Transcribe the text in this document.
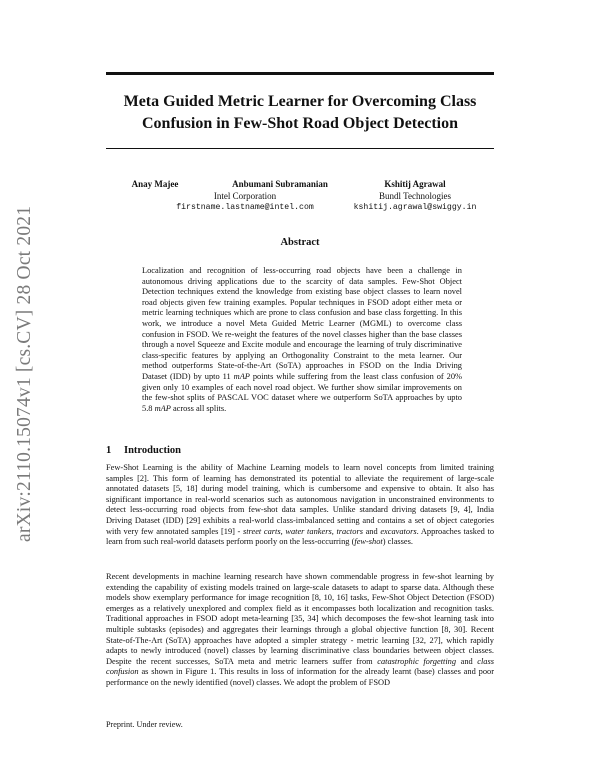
arXiv:2110.15074v1 [cs.CV] 28 Oct 2021
Meta Guided Metric Learner for Overcoming Class Confusion in Few-Shot Road Object Detection
Anay Majee	Anbumani Subramanian
Intel Corporation
firstname.lastname@intel.com
Kshitij Agrawal
Bundl Technologies
kshitij.agrawal@swiggy.in
Abstract

Localization and recognition of less-occurring road objects have been a challenge in autonomous driving applications due to the scarcity of data samples. Few-Shot Object Detection techniques extend the knowledge from existing base object classes to learn novel road objects given few training examples. Popular techniques in FSOD adopt either meta or metric learning techniques which are prone to class confusion and base class forgetting. In this work, we introduce a novel Meta Guided Metric Learner (MGML) to overcome class confusion in FSOD. We re-weight the features of the novel classes higher than the base classes through a novel Squeeze and Excite module and encourage the learning of truly discriminative class-specific features by applying an Orthogonality Constraint to the meta learner. Our method outperforms State-of-the-Art (SoTA) approaches in FSOD on the India Driving Dataset (IDD) by upto 11 mAP points while suffering from the least class confusion of 20% given only 10 examples of each novel road object. We further show similar improvements on the few-shot splits of PASCAL VOC dataset where we outperform SoTA approaches by upto 5.8 mAP across all splits.

1 Introduction

Few-Shot Learning is the ability of Machine Learning models to learn novel concepts from limited training samples [2]. This form of learning has demonstrated its potential to alleviate the requirement of large-scale annotated datasets [5, 18] during model training, which is cumbersome and expensive to obtain. It also has significant importance in real-world scenarios such as autonomous navigation in unconstrained environments to detect less-occurring road objects from few-shot data samples. Unlike standard driving datasets [9, 4], India Driving Dataset (IDD) [29] exhibits a real-world class-imbalanced setting and contains a set of object categories with very few annotated samples [19] - street carts, water tankers, tractors and excavators. Approaches tasked to learn from such real-world datasets perform poorly on the less-occurring (few-shot) classes.

Recent developments in machine learning research have shown commendable progress in few-shot learning by extending the capability of existing models trained on large-scale datasets to adapt to sparse data. Although these models show exemplary performance for image recognition [8, 10, 16] tasks, Few-Shot Object Detection (FSOD) emerges as a relatively unexplored and complex field as it encompasses both localization and recognition tasks. Traditional approaches in FSOD adopt meta-learning [35, 34] which decomposes the few-shot learning task into multiple subtasks (episodes) and aggregates their learnings through a global objective function [8, 30]. Recent State-of-The-Art (SoTA) approaches have adopted a simpler strategy - metric learning [32, 27], which rapidly adapts to newly introduced (novel) classes by learning discriminative class boundaries between object classes. Despite the recent successes, SoTA meta and metric learners suffer from catastrophic forgetting and class confusion as shown in Figure 1. This results in loss of information for the already learnt (base) classes and poor performance on the newly identified (novel) classes. We adopt the problem of FSOD

Preprint. Under review.
